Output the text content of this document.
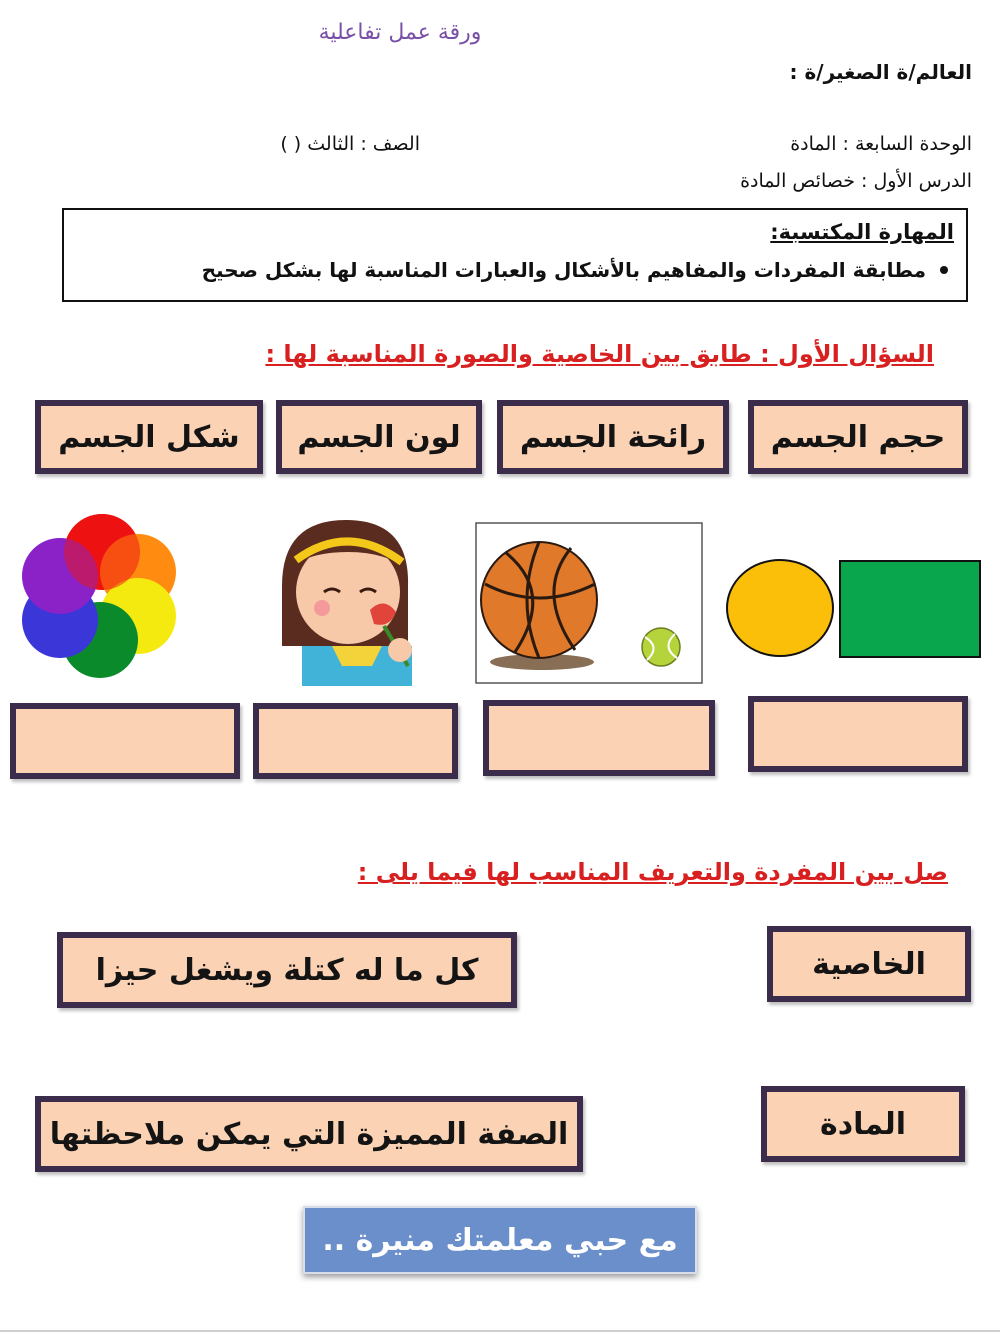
ورقة عمل تفاعلية
العالم/ة الصغير/ة :
الوحدة السابعة : المادة
الصف : الثالث ( )
الدرس الأول : خصائص المادة
المهارة المكتسبة:
مطابقة المفردات والمفاهيم بالأشكال والعبارات المناسبة لها بشكل صحيح
السؤال الأول : طابق بين الخاصية والصورة المناسبة لها :
حجم الجسم
رائحة الجسم
لون الجسم
شكل الجسم
صل بين المفردة والتعريف المناسب لها فيما يلى :
الخاصية
كل ما له كتلة ويشغل حيزا
المادة
الصفة المميزة التي يمكن ملاحظتها
مع حبي معلمتك منيرة ..
